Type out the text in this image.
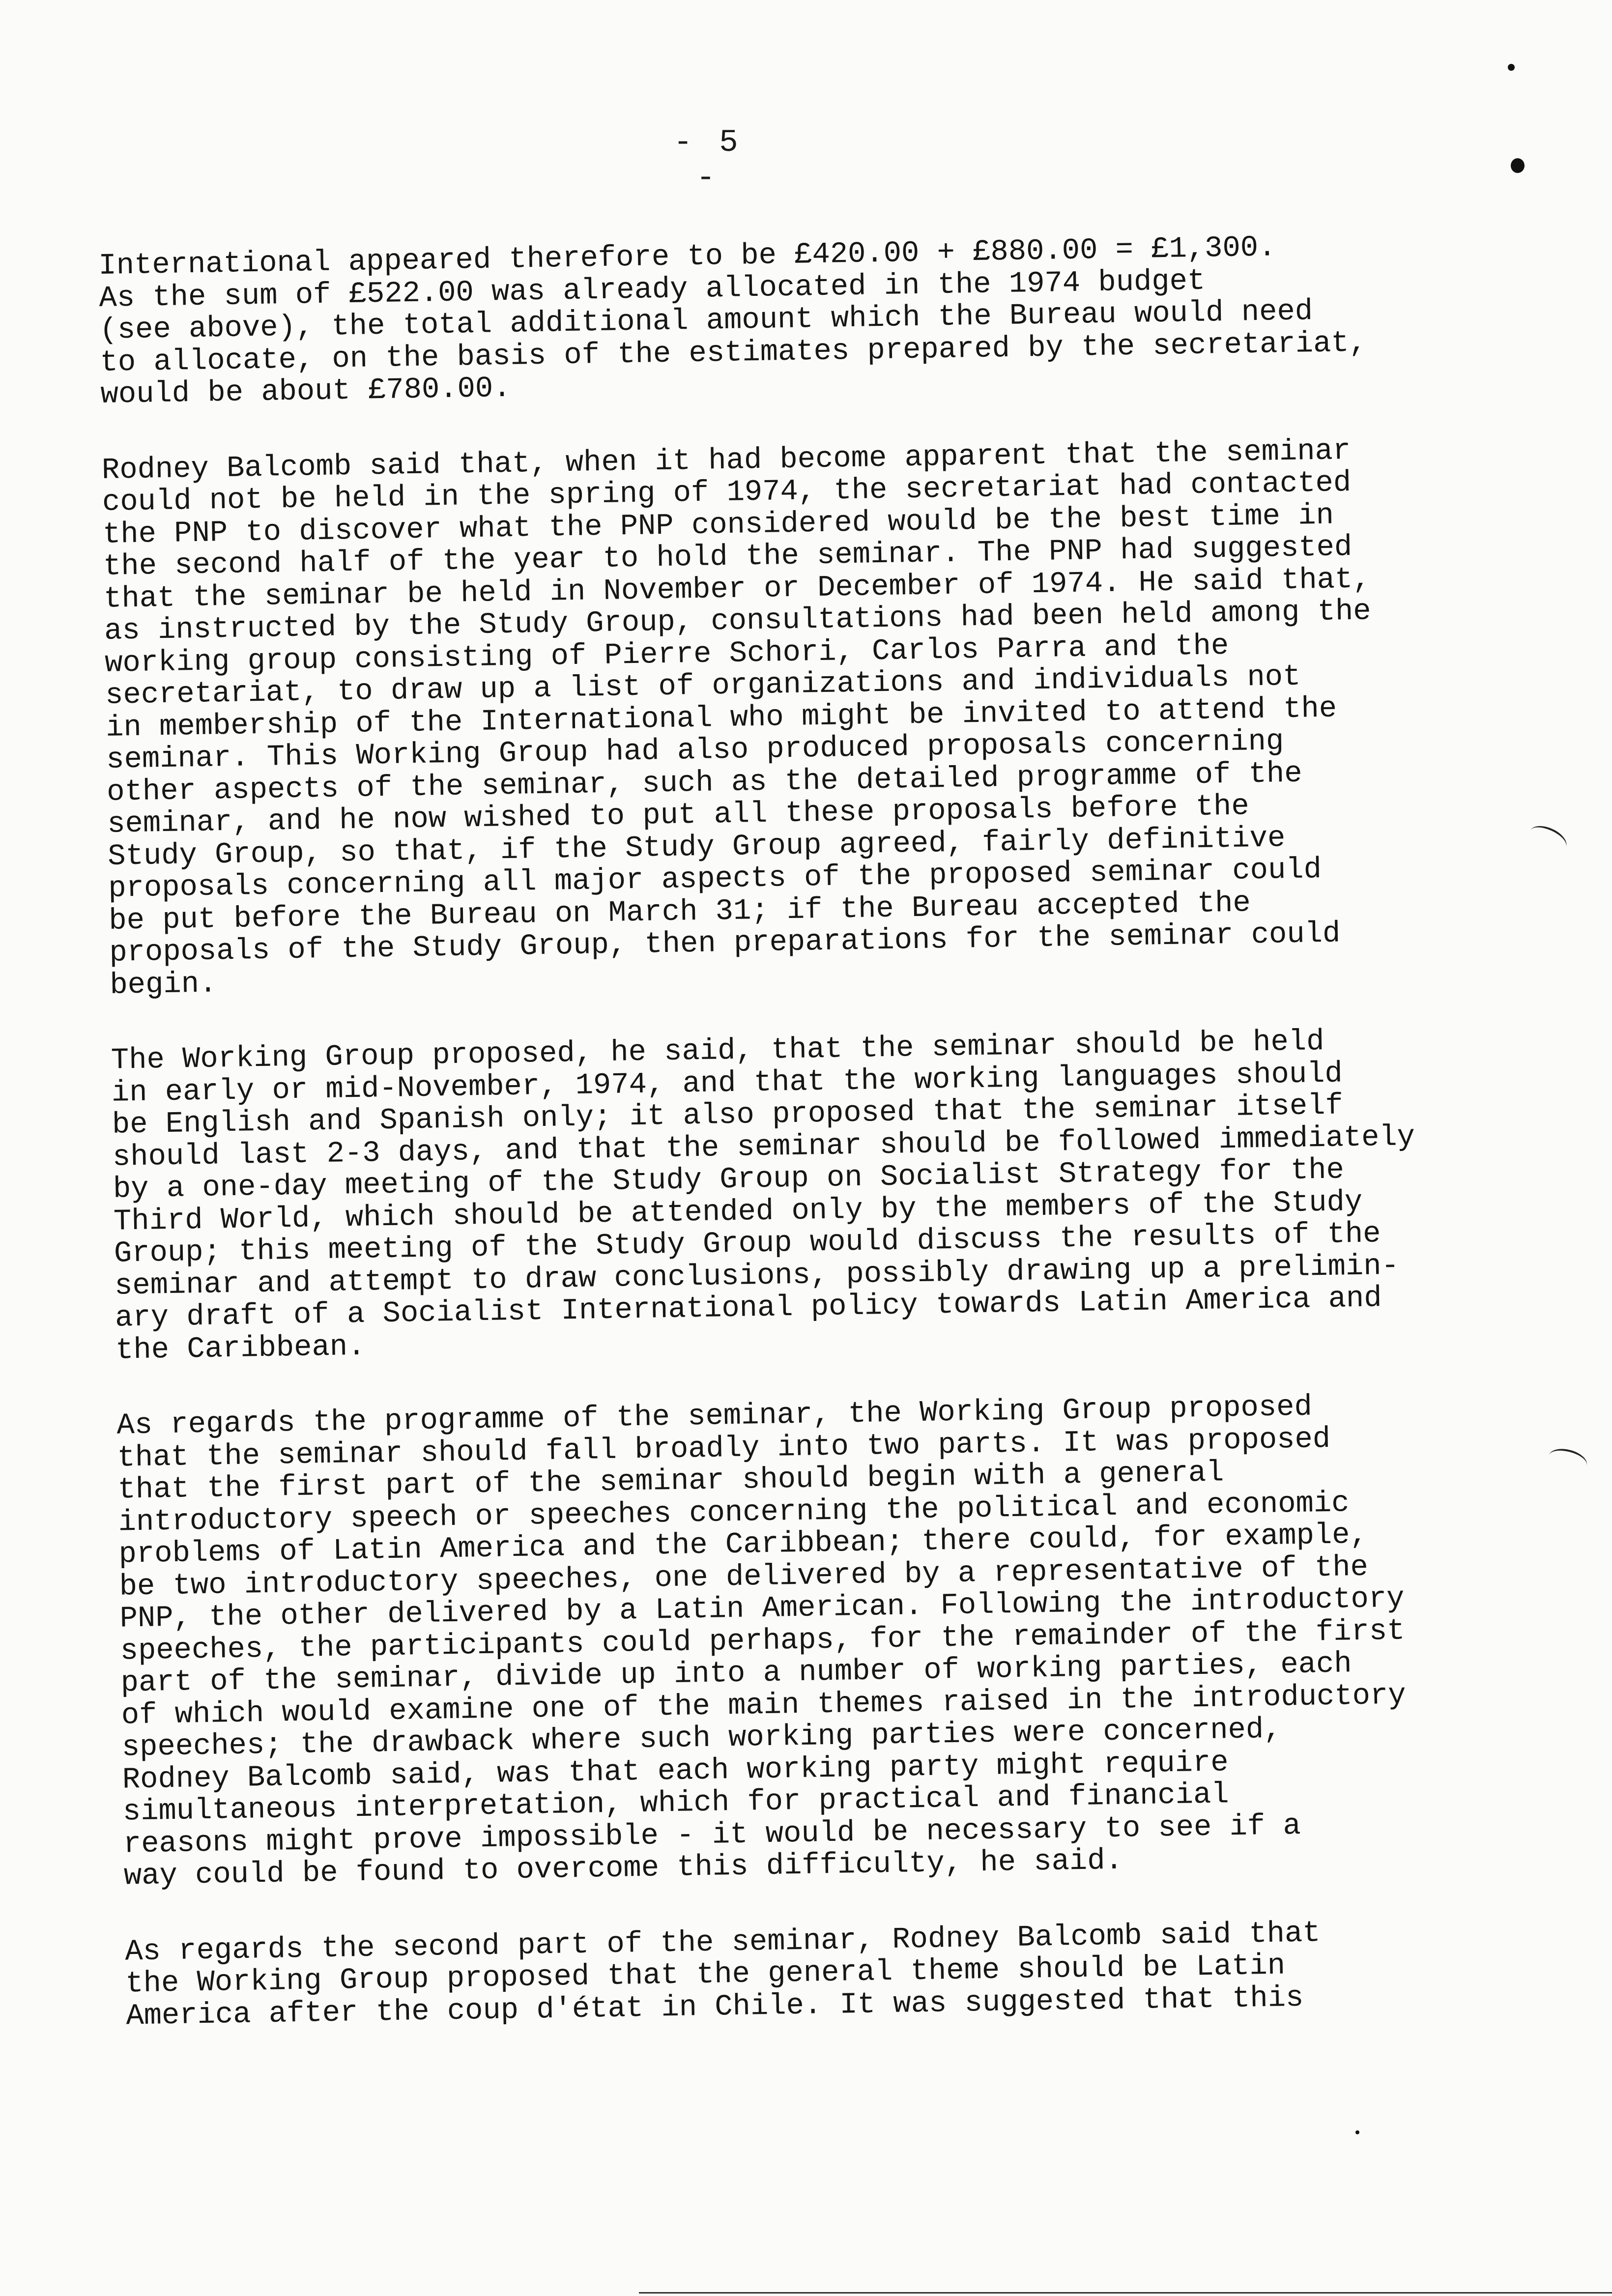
- 5 -

International appeared therefore to be £420.00 + £880.00 = £1,300.
As the sum of £522.00 was already allocated in the 1974 budget
(see above), the total additional amount which the Bureau would need
to allocate, on the basis of the estimates prepared by the secretariat,
would be about £780.00.

Rodney Balcomb said that, when it had become apparent that the seminar
could not be held in the spring of 1974, the secretariat had contacted
the PNP to discover what the PNP considered would be the best time in
the second half of the year to hold the seminar. The PNP had suggested
that the seminar be held in November or December of 1974. He said that,
as instructed by the Study Group, consultations had been held among the
working group consisting of Pierre Schori, Carlos Parra and the
secretariat, to draw up a list of organizations and individuals not
in membership of the International who might be invited to attend the
seminar. This Working Group had also produced proposals concerning
other aspects of the seminar, such as the detailed programme of the
seminar, and he now wished to put all these proposals before the
Study Group, so that, if the Study Group agreed, fairly definitive
proposals concerning all major aspects of the proposed seminar could
be put before the Bureau on March 31; if the Bureau accepted the
proposals of the Study Group, then preparations for the seminar could
begin.

The Working Group proposed, he said, that the seminar should be held
in early or mid-November, 1974, and that the working languages should
be English and Spanish only; it also proposed that the seminar itself
should last 2-3 days, and that the seminar should be followed immediately
by a one-day meeting of the Study Group on Socialist Strategy for the
Third World, which should be attended only by the members of the Study
Group; this meeting of the Study Group would discuss the results of the
seminar and attempt to draw conclusions, possibly drawing up a prelimin-
ary draft of a Socialist International policy towards Latin America and
the Caribbean.

As regards the programme of the seminar, the Working Group proposed
that the seminar should fall broadly into two parts. It was proposed
that the first part of the seminar should begin with a general
introductory speech or speeches concerning the political and economic
problems of Latin America and the Caribbean; there could, for example,
be two introductory speeches, one delivered by a representative of the
PNP, the other delivered by a Latin American. Following the introductory
speeches, the participants could perhaps, for the remainder of the first
part of the seminar, divide up into a number of working parties, each
of which would examine one of the main themes raised in the introductory
speeches; the drawback where such working parties were concerned,
Rodney Balcomb said, was that each working party might require
simultaneous interpretation, which for practical and financial
reasons might prove impossible - it would be necessary to see if a
way could be found to overcome this difficulty, he said.

As regards the second part of the seminar, Rodney Balcomb said that
the Working Group proposed that the general theme should be Latin
America after the coup d'état in Chile. It was suggested that this
